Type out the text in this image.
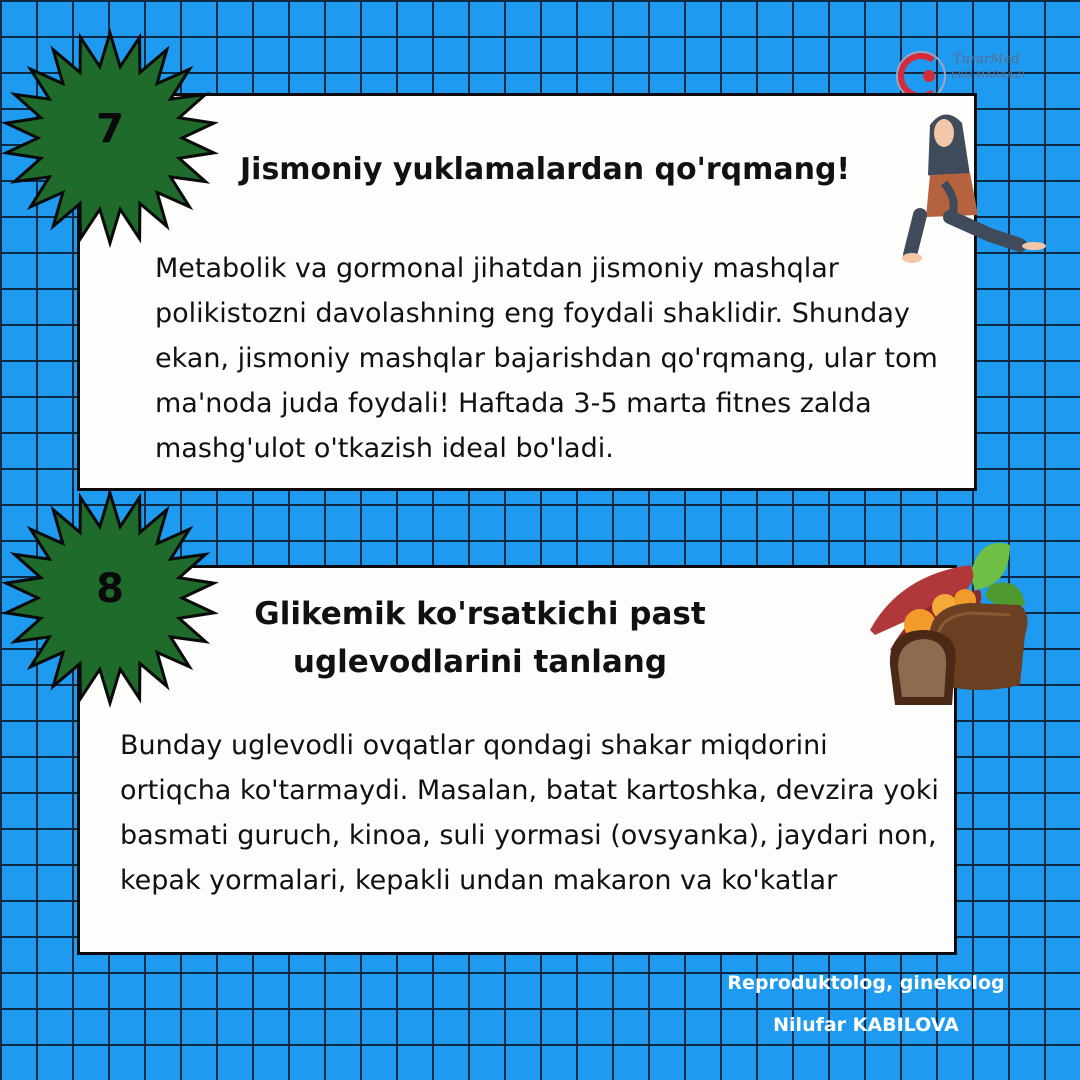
TurarMed
EKO MARKAZI
Jismoniy yuklamalardan qo'rqmang!
Metabolik va gormonal jihatdan jismoniy mashqlar polikistozni davolashning eng foydali shaklidir. Shunday ekan, jismoniy mashqlar bajarishdan qo'rqmang, ular tom ma'noda juda foydali! Haftada 3-5 marta fitnes zalda mashg'ulot o'tkazish ideal bo'ladi.
Glikemik ko'rsatkichi past uglevodlarini tanlang
Bunday uglevodli ovqatlar qondagi shakar miqdorini ortiqcha ko'tarmaydi. Masalan, batat kartoshka, devzira yoki basmati guruch, kinoa, suli yormasi (ovsyanka), jaydari non, kepak yormalari, kepakli undan makaron va ko'katlar
7
8
Reproduktolog, ginekolog
Nilufar KABILOVA
